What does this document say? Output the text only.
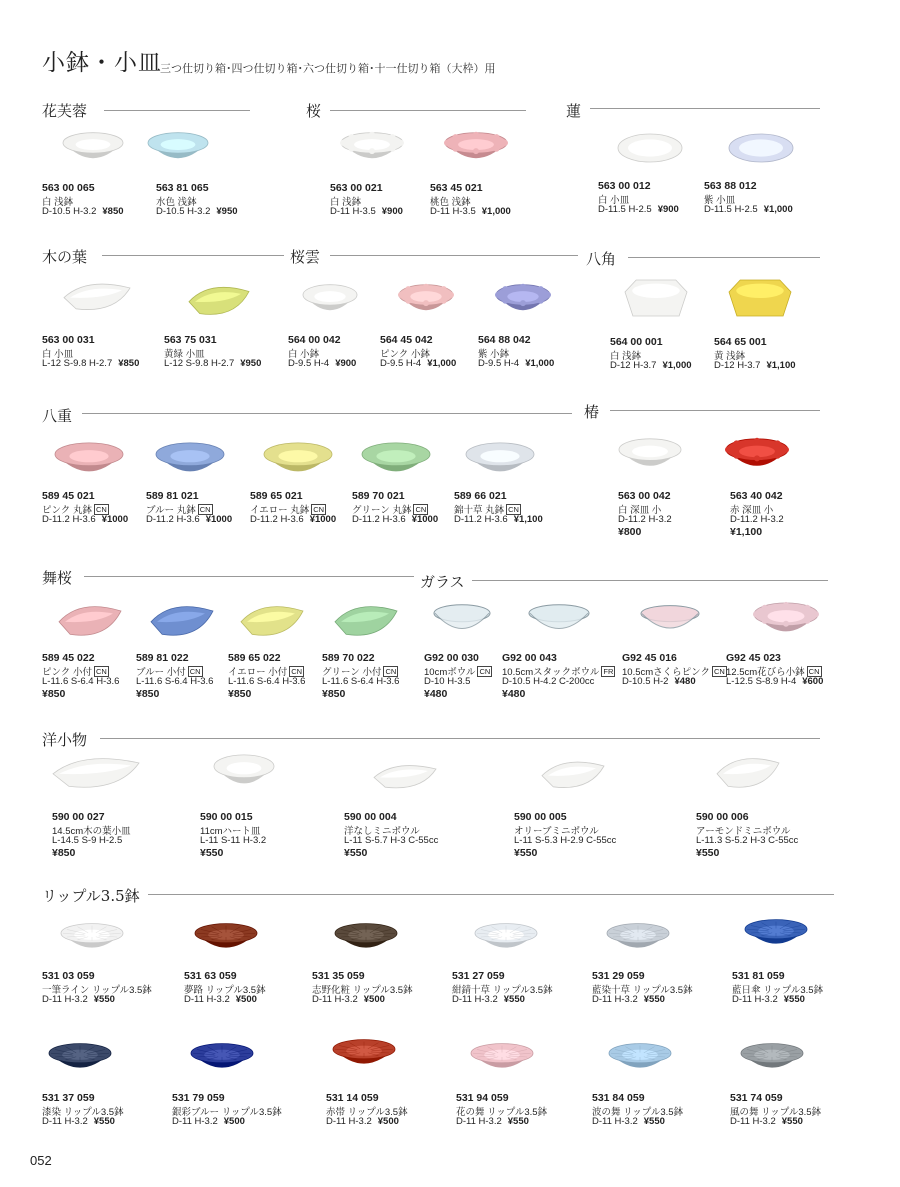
小鉢・小皿
三つ仕切り箱･四つ仕切り箱･六つ仕切り箱･十一仕切り箱（大枠）用
花芙蓉	桜	蓮
木の葉	桜雲	八角
八重	椿
舞桜	ガラス
洋小物
リップル3.5鉢
563 00 065
白 浅鉢
D-10.5 H-3.2 ¥850
563 81 065
水色 浅鉢
D-10.5 H-3.2 ¥950
563 00 021
白 浅鉢
D-11 H-3.5 ¥900
563 45 021
桃色 浅鉢
D-11 H-3.5 ¥1,000
563 00 012
白 小皿
D-11.5 H-2.5 ¥900
563 88 012
紫 小皿
D-11.5 H-2.5 ¥1,000
563 00 031
白 小皿
L-12 S-9.8 H-2.7 ¥850
563 75 031
黄緑 小皿
L-12 S-9.8 H-2.7 ¥950
564 00 042
白 小鉢
D-9.5 H-4 ¥900
564 45 042
ピンク 小鉢
D-9.5 H-4 ¥1,000
564 88 042
紫 小鉢
D-9.5 H-4 ¥1,000
564 00 001
白 浅鉢
D-12 H-3.7 ¥1,000
564 65 001
黄 浅鉢
D-12 H-3.7 ¥1,100
589 45 021
ピンク 丸鉢 CN
D-11.2 H-3.6 ¥1000
589 81 021
ブルー 丸鉢 CN
D-11.2 H-3.6 ¥1000
589 65 021
イエロー 丸鉢 CN
D-11.2 H-3.6 ¥1000
589 70 021
グリーン 丸鉢 CN
D-11.2 H-3.6 ¥1000
589 66 021
錦十草 丸鉢 CN
D-11.2 H-3.6 ¥1,100
563 00 042
白 深皿 小
D-11.2 H-3.2
¥800
563 40 042
赤 深皿 小
D-11.2 H-3.2
¥1,100
589 45 022
ピンク 小付 CN
L-11.6 S-6.4 H-3.6
¥850
589 81 022
ブルー 小付 CN
L-11.6 S-6.4 H-3.6
¥850
589 65 022
イエロー 小付 CN
L-11.6 S-6.4 H-3.6
¥850
589 70 022
グリーン 小付 CN
L-11.6 S-6.4 H-3.6
¥850
G92 00 030
10cmボウル CN
D-10 H-3.5
¥480
G92 00 043
10.5cmスタックボウル FR
D-10.5 H-4.2 C-200cc
¥480
G92 45 016
10.5cmさくらピンク CN
D-10.5 H-2 ¥480
G92 45 023
12.5cm花びら小鉢 CN
L-12.5 S-8.9 H-4 ¥600
590 00 027
14.5cm木の葉小皿
L-14.5 S-9 H-2.5
¥850
590 00 015
11cmハート皿
L-11 S-11 H-3.2
¥550
590 00 004
洋なしミニボウル
L-11 S-5.7 H-3 C-55cc
¥550
590 00 005
オリーブミニボウル
L-11 S-5.3 H-2.9 C-55cc
¥550
590 00 006
アーモンドミニボウル
L-11.3 S-5.2 H-3 C-55cc
¥550
531 03 059
一筆ライン リップル3.5鉢
D-11 H-3.2 ¥550
531 63 059
夢路 リップル3.5鉢
D-11 H-3.2 ¥500
531 35 059
志野化粧 リップル3.5鉢
D-11 H-3.2 ¥500
531 27 059
紺錆十草 リップル3.5鉢
D-11 H-3.2 ¥550
531 29 059
藍染十草 リップル3.5鉢
D-11 H-3.2 ¥550
531 81 059
藍日傘 リップル3.5鉢
D-11 H-3.2 ¥550
531 37 059
漆染 リップル3.5鉢
D-11 H-3.2 ¥550
531 79 059
銀彩ブルー リップル3.5鉢
D-11 H-3.2 ¥500
531 14 059
赤帯 リップル3.5鉢
D-11 H-3.2 ¥500
531 94 059
花の舞 リップル3.5鉢
D-11 H-3.2 ¥550
531 84 059
波の舞 リップル3.5鉢
D-11 H-3.2 ¥550
531 74 059
風の舞 リップル3.5鉢
D-11 H-3.2 ¥550
052
